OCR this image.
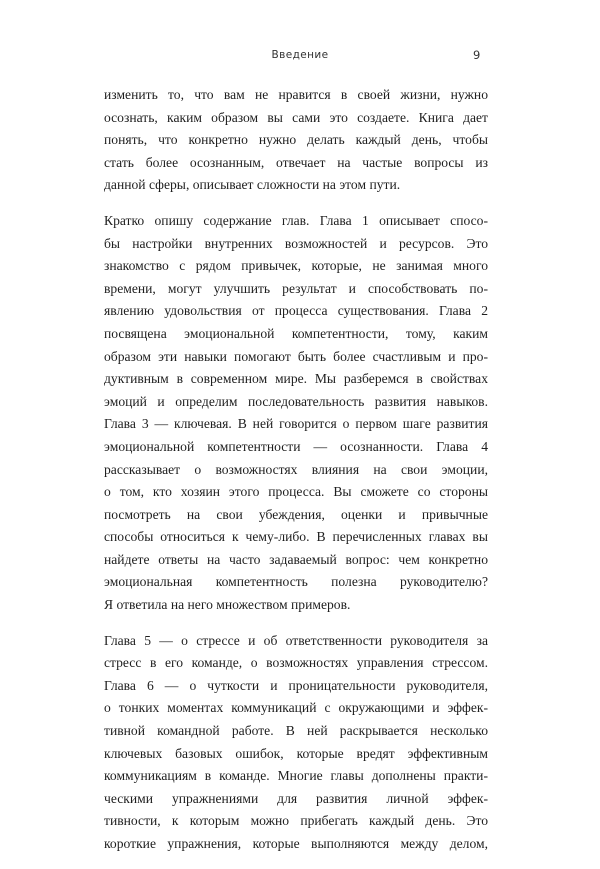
Введение	9

изменить то, что вам не нравится в своей жизни, нужно
осознать, каким образом вы сами это создаете. Книга дает
понять, что конкретно нужно делать каждый день, чтобы
стать более осознанным, отвечает на частые вопросы из
данной сферы, описывает сложности на этом пути.

Кратко опишу содержание глав. Глава 1 описывает спосо-
бы настройки внутренних возможностей и ресурсов. Это
знакомство с рядом привычек, которые, не занимая много
времени, могут улучшить результат и способствовать по-
явлению удовольствия от процесса существования. Глава 2
посвящена эмоциональной компетентности, тому, каким
образом эти навыки помогают быть более счастливым и про-
дуктивным в современном мире. Мы разберемся в свойствах
эмоций и определим последовательность развития навыков.
Глава 3 — ключевая. В ней говорится о первом шаге развития
эмоциональной компетентности — осознанности. Глава 4
рассказывает о возможностях влияния на свои эмоции,
о том, кто хозяин этого процесса. Вы сможете со стороны
посмотреть на свои убеждения, оценки и привычные
способы относиться к чему-либо. В перечисленных главах вы
найдете ответы на часто задаваемый вопрос: чем конкретно
эмоциональная компетентность полезна руководителю?
Я ответила на него множеством примеров.

Глава 5 — о стрессе и об ответственности руководителя за
стресс в его команде, о возможностях управления стрессом.
Глава 6 — о чуткости и проницательности руководителя,
о тонких моментах коммуникаций с окружающими и эффек-
тивной командной работе. В ней раскрывается несколько
ключевых базовых ошибок, которые вредят эффективным
коммуникациям в команде. Многие главы дополнены практи-
ческими упражнениями для развития личной эффек-
тивности, к которым можно прибегать каждый день. Это
короткие упражнения, которые выполняются между делом,
